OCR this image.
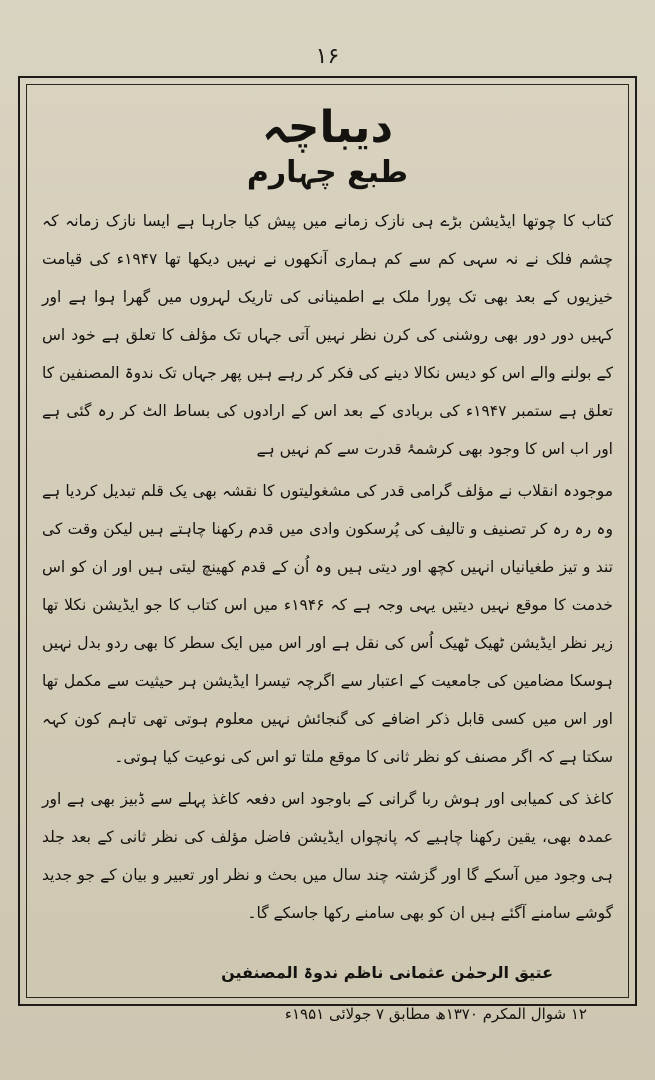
۱۶
دیباچہ
طبع چہارم

کتاب کا چوتھا ایڈیشن بڑے ہی نازک زمانے میں پیش کیا جارہا ہے ایسا نازک زمانہ کہ چشم فلک نے نہ سہی کم سے کم ہماری آنکھوں نے نہیں دیکھا تھا ۱۹۴۷ء کی قیامت خیزیوں کے بعد بھی تک پورا ملک بے اطمینانی کی تاریک لہروں میں گھرا ہوا ہے اور کہیں دور دور بھی روشنی کی کرن نظر نہیں آتی جہاں تک مؤلف کا تعلق ہے خود اس کے بولنے والے اس کو دیس نکالا دینے کی فکر کر رہے ہیں پھر جہاں تک ندوۃ المصنفین کا تعلق ہے ستمبر ۱۹۴۷ء کی بربادی کے بعد اس کے ارادوں کی بساط الٹ کر رہ گئی ہے اور اب اس کا وجود بھی کرشمۂ قدرت سے کم نہیں ہے

موجودہ انقلاب نے مؤلف گرامی قدر کی مشغولیتوں کا نقشہ بھی یک قلم تبدیل کردیا ہے وہ رہ رہ کر تصنیف و تالیف کی پُرسکون وادی میں قدم رکھنا چاہتے ہیں لیکن وقت کی تند و تیز طغیانیاں انہیں کچھ اور دیتی ہیں وہ اُن کے قدم کھینچ لیتی ہیں اور ان کو اس خدمت کا موقع نہیں دیتیں یہی وجہ ہے کہ ۱۹۴۶ء میں اس کتاب کا جو ایڈیشن نکلا تھا زیر نظر ایڈیشن ٹھیک ٹھیک اُس کی نقل ہے اور اس میں ایک سطر کا بھی ردو بدل نہیں ہوسکا مضامین کی جامعیت کے اعتبار سے اگرچہ تیسرا ایڈیشن ہر حیثیت سے مکمل تھا اور اس میں کسی قابل ذکر اضافے کی گنجائش نہیں معلوم ہوتی تھی تاہم کون کہہ سکتا ہے کہ اگر مصنف کو نظر ثانی کا موقع ملتا تو اس کی نوعیت کیا ہوتی۔

کاغذ کی کمیابی اور ہوش ربا گرانی کے باوجود اس دفعہ کاغذ پہلے سے ڈبیز بھی ہے اور عمدہ بھی، یقین رکھنا چاہیے کہ پانچواں ایڈیشن فاضل مؤلف کی نظر ثانی کے بعد جلد ہی وجود میں آسکے گا اور گزشتہ چند سال میں بحث و نظر اور تعبیر و بیان کے جو جدید گوشے سامنے آگئے ہیں ان کو بھی سامنے رکھا جاسکے گا۔

عتیق الرحمٰن عثمانی ناظم ندوۃ المصنفین
۱۲ شوال المکرم ۱۳۷۰ھ مطابق ۷ جولائی ۱۹۵۱ء
